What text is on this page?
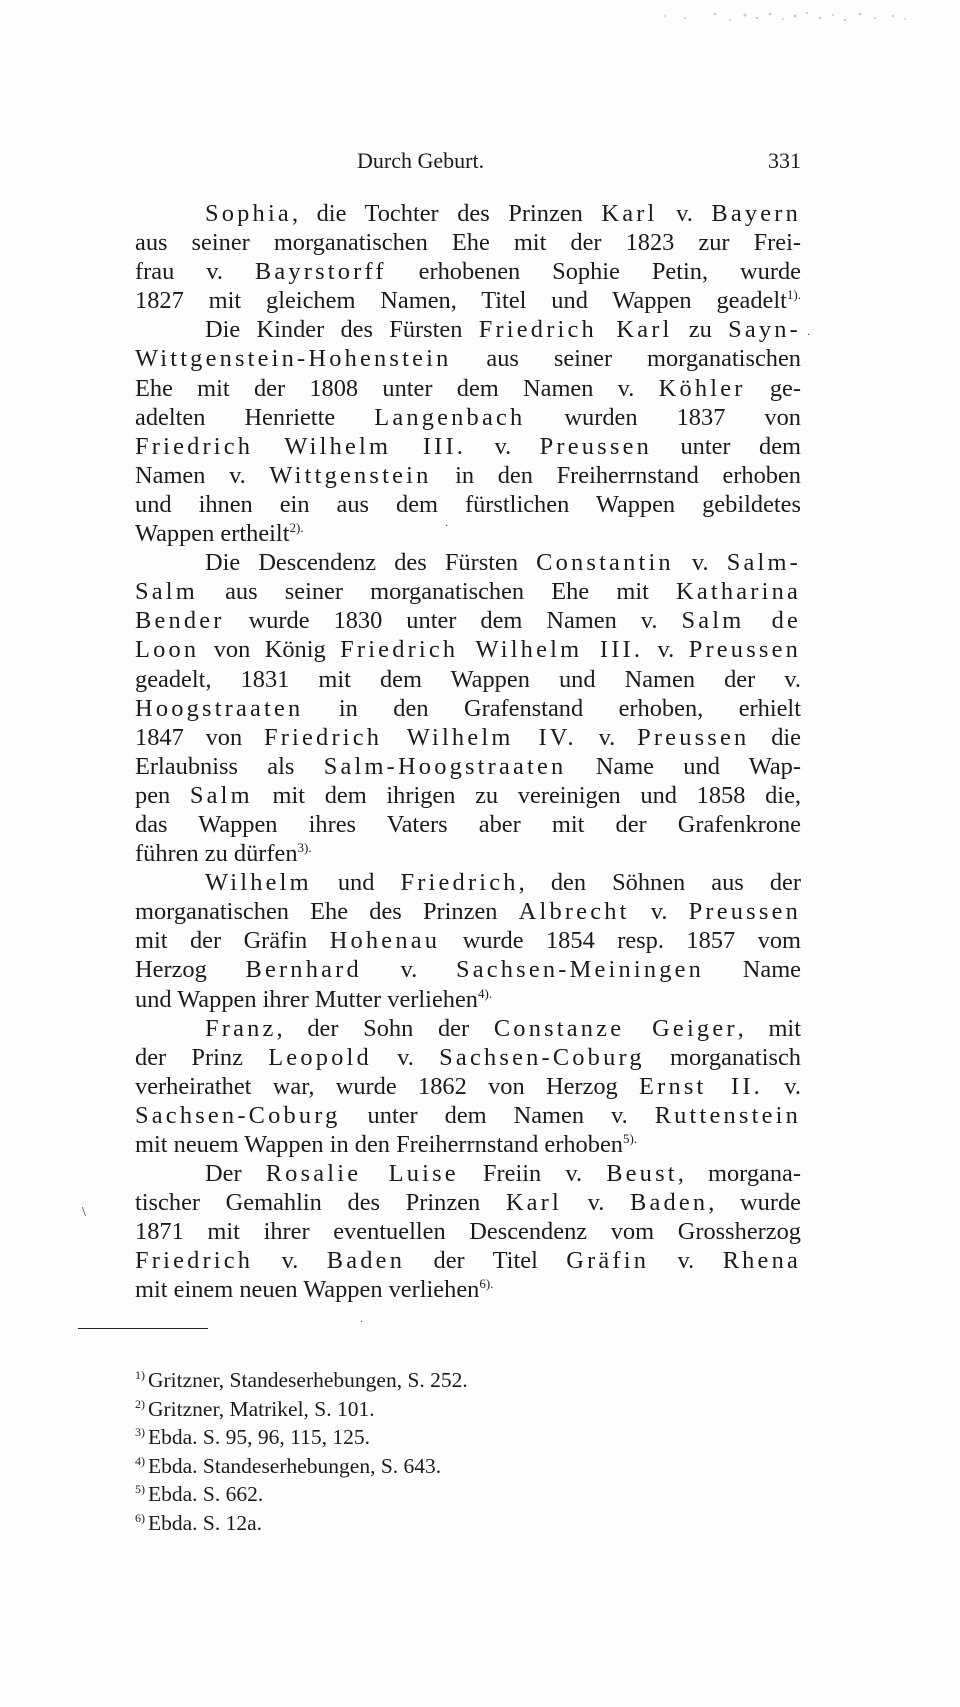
Durch Geburt.	331
Sophia, die Tochter des Prinzen Karl v. Bayern
aus seiner morganatischen Ehe mit der 1823 zur Frei-
frau v. Bayrstorff erhobenen Sophie Petin, wurde
1827 mit gleichem Namen, Titel und Wappen geadelt$^{1).}$
Die Kinder des Fürsten Friedrich Karl zu Sayn-
Wittgenstein-Hohenstein aus seiner morganatischen
Ehe mit der 1808 unter dem Namen v. Köhler ge-
adelten Henriette Langenbach wurden 1837 von
Friedrich Wilhelm III. v. Preussen unter dem
Namen v. Wittgenstein in den Freiherrnstand erhoben
und ihnen ein aus dem fürstlichen Wappen gebildetes
Wappen ertheilt$^{2).}$
Die Descendenz des Fürsten Constantin v. Salm-
Salm aus seiner morganatischen Ehe mit Katharina
Bender wurde 1830 unter dem Namen v. Salm de
Loon von König Friedrich Wilhelm III. v. Preussen
geadelt, 1831 mit dem Wappen und Namen der v.
Hoogstraaten in den Grafenstand erhoben, erhielt
1847 von Friedrich Wilhelm IV. v. Preussen die
Erlaubniss als Salm-Hoogstraaten Name und Wap-
pen Salm mit dem ihrigen zu vereinigen und 1858 die,
das Wappen ihres Vaters aber mit der Grafenkrone
führen zu dürfen$^{3).}$
Wilhelm und Friedrich, den Söhnen aus der
morganatischen Ehe des Prinzen Albrecht v. Preussen
mit der Gräfin Hohenau wurde 1854 resp. 1857 vom
Herzog Bernhard v. Sachsen-Meiningen Name
und Wappen ihrer Mutter verliehen$^{4).}$
Franz, der Sohn der Constanze Geiger, mit
der Prinz Leopold v. Sachsen-Coburg morganatisch
verheirathet war, wurde 1862 von Herzog Ernst II. v.
Sachsen-Coburg unter dem Namen v. Ruttenstein
mit neuem Wappen in den Freiherrnstand erhoben$^{5).}$
Der Rosalie Luise Freiin v. Beust, morgana-
tischer Gemahlin des Prinzen Karl v. Baden, wurde
1871 mit ihrer eventuellen Descendenz vom Grossherzog
Friedrich v. Baden der Titel Gräfin v. Rhena
mit einem neuen Wappen verliehen$^{6).}$
\
·
·
·
$^{1)}$ Gritzner, Standeserhebungen, S. 252.
$^{2)}$ Gritzner, Matrikel, S. 101.
$^{3)}$ Ebda. S. 95, 96, 115, 125.
$^{4)}$ Ebda. Standeserhebungen, S. 643.
$^{5)}$ Ebda. S. 662.
$^{6)}$ Ebda. S. 12a.
